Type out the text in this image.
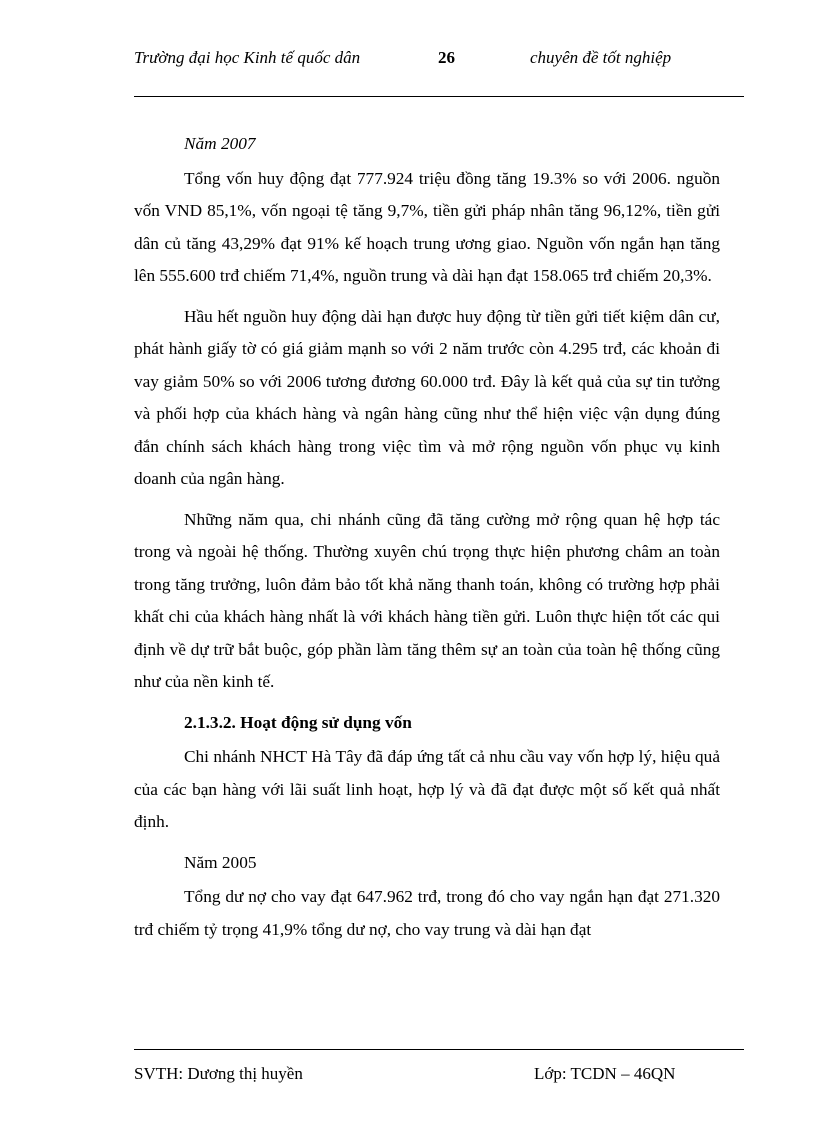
Trường đại học Kinh tế quốc dân	26	chuyên đề tốt nghiệp

Năm 2007

Tổng vốn huy động đạt 777.924 triệu đồng tăng 19.3% so với 2006. nguồn vốn VND 85,1%, vốn ngoại tệ tăng 9,7%, tiền gửi pháp nhân tăng 96,12%, tiền gửi dân củ tăng 43,29% đạt 91% kế hoạch trung ương giao. Nguồn vốn ngắn hạn tăng lên 555.600 trđ chiếm 71,4%, nguồn trung và dài hạn đạt 158.065 trđ chiếm 20,3%.

Hầu hết nguồn huy động dài hạn được huy động từ tiền gửi tiết kiệm dân cư, phát hành giấy tờ có giá giảm mạnh so với 2 năm trước còn 4.295 trđ, các khoản đi vay giảm 50% so với 2006 tương đương 60.000 trđ. Đây là kết quả của sự tin tưởng và phối hợp của khách hàng và ngân hàng cũng như thể hiện việc vận dụng đúng đắn chính sách khách hàng trong việc tìm và mở rộng nguồn vốn phục vụ kinh doanh của ngân hàng.

Những năm qua, chi nhánh cũng đã tăng cường mở rộng quan hệ hợp tác trong và ngoài hệ thống. Thường xuyên chú trọng thực hiện phương châm an toàn trong tăng trưởng, luôn đảm bảo tốt khả năng thanh toán, không có trường hợp phải khất chi của khách hàng nhất là với khách hàng tiền gửi. Luôn thực hiện tốt các qui định về dự trữ bắt buộc, góp phần làm tăng thêm sự an toàn của toàn hệ thống cũng như của nền kinh tế.

2.1.3.2. Hoạt động sử dụng vốn

Chi nhánh NHCT Hà Tây đã đáp ứng tất cả nhu cầu vay vốn hợp lý, hiệu quả của các bạn hàng với lãi suất linh hoạt, hợp lý và đã đạt được một số kết quả nhất định.

Năm 2005

Tổng dư nợ cho vay đạt 647.962 trđ, trong đó cho vay ngắn hạn đạt 271.320 trđ chiếm tỷ trọng 41,9% tổng dư nợ, cho vay trung và dài hạn đạt

SVTH: Dương thị huyền	Lớp: TCDN – 46QN
